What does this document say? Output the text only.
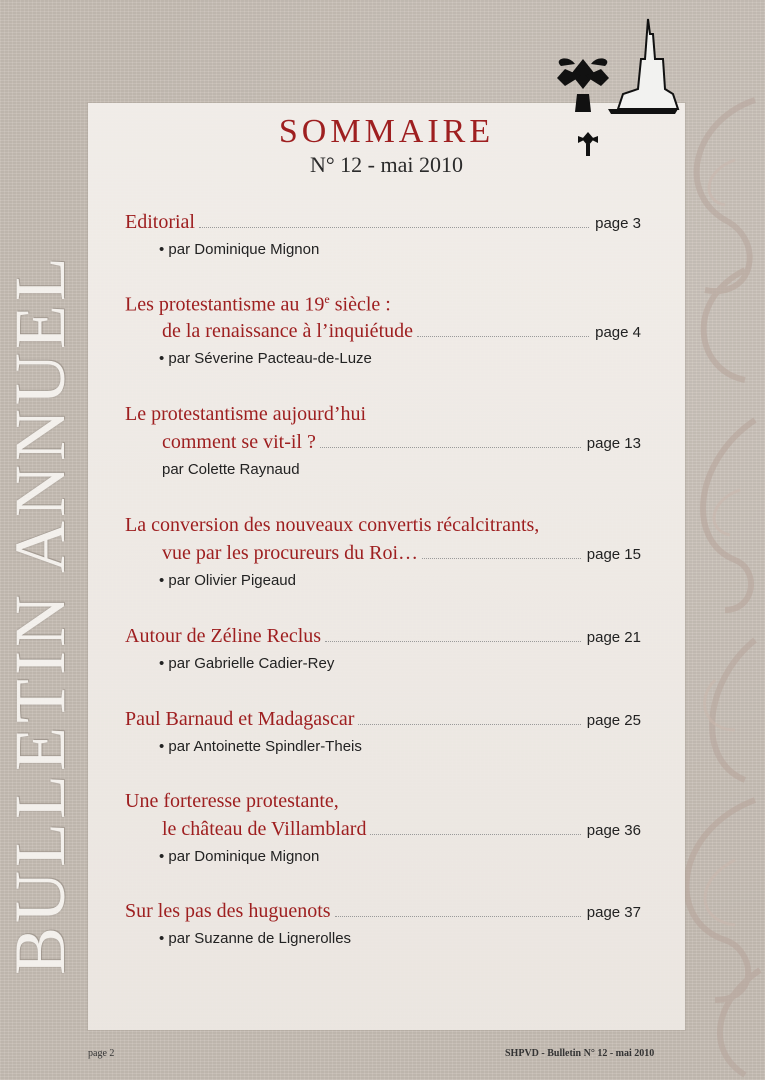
BULLETIN ANNUEL
SOMMAIRE
N° 12 - mai 2010
Editorial	page 3
• par Dominique Mignon
Les protestantisme au 19e siècle :
de la renaissance à l’inquiétude	page 4
• par Séverine Pacteau-de-Luze
Le protestantisme aujourd’hui
comment se vit-il ?	page 13
par Colette Raynaud
La conversion des nouveaux convertis récalcitrants,
vue par les procureurs du Roi…	page 15
• par Olivier Pigeaud
Autour de Zéline Reclus	page 21
• par Gabrielle Cadier-Rey
Paul Barnaud et Madagascar	page 25
• par Antoinette Spindler-Theis
Une forteresse protestante,
le château de Villamblard	page 36
• par Dominique Mignon
Sur les pas des huguenots	page 37
• par Suzanne de Lignerolles
page 2	SHPVD - Bulletin N° 12 - mai 2010
